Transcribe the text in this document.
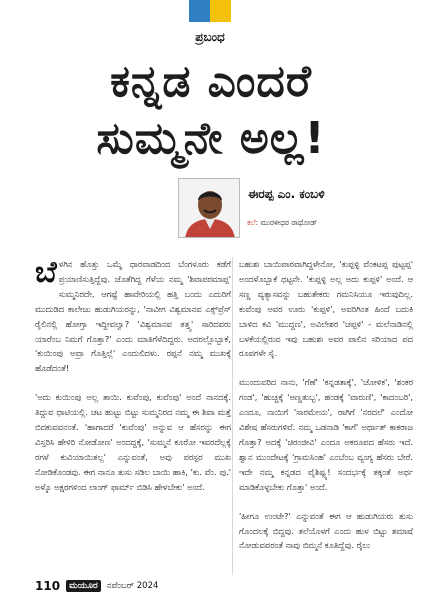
ಪ್ರಬಂಧ
ಕನ್ನಡ ಎಂದರೆ
ಸುಮ್ಮನೇ ಅಲ್ಲ!
ಈರಪ್ಪ ಎಂ. ಕಂಬಳಿ
ಕಲೆ: ಮುರಳೀಧರ ರಾಥೋಡ್

ಬೆಳಗಿನ ಹೊತ್ತು ಒಮ್ಮೆ ಧಾರವಾಡದಿಂದ ಬೆಂಗಳೂರು ಕಡೆಗೆ ಪ್ರಯಾಣಿಸುತ್ತಿದ್ದೆವು. ಜೊತೆಗಿದ್ದ ಗೆಳೆಯ ನಮ್ಮ 'ಶಿವಾಪರಮಾಪ್ಪ' ಸುಮ್ಮನಿರದೇ, ಆಗಷ್ಟೆ ಹಾವೇರಿಯಲ್ಲಿ ಹತ್ತಿ ಬಂದು ಎದುರಿಗೆ ಮುದುಡಿದ ಕಾಲೇಜು ಹುಡುಗಿಯರನ್ನು, 'ನಾವೀಗ ವಿಶ್ವಮಾನವ ಎಕ್ಸ್‌ಪ್ರೆಸ್ ರೈಲಿನಲ್ಲಿ ಹೋಗ್ತಾ ಇದ್ದೀವಲ್ವಾ? 'ವಿಶ್ವಮಾನವ ತತ್ತ್ವ' ಸಾರಿದವರು ಯಾರೆಂಬ ನಿಮಗೆ ಗೊತ್ತಾ?' ಎಂದು ಮಾತಿಗೆಳೆದಿದ್ದರು. ಅದರಲ್ಲೊಬ್ಬಾಕೆ, 'ಕುಯಿಂಪು ಅವ್ರಾ ಗೊತ್ತಿಲ್ಲೆ' ಎಂದುಲಿದಳು. ರಪ್ಪನೆ ನಮ್ಮ ಮುಖಕ್ಕೆ ಹೊಡೆದಂತೆ!

'ಅದು ಕುಯಿಂಪು ಅಲ್ಲ ತಾಯಿ. ಕುವೆಂಪು, ಕುವೆಂಪು' ಅಂದೆ ನಾನದಕ್ಕೆ. ತಿದ್ದುವ ಧಾಟಿಯಲ್ಲಿ. ಚಟ ಹುಟ್ಟು ಬಿಟ್ಟು ಸುಮ್ಮನಿರದ ನಮ್ಮ ಈ ಶಿವಾ ಮತ್ತೆ ಬಿದಕುವವನಂತೆ. 'ಹಾಗಾದರೆ 'ಕುವೆಂಪು' ಅನ್ನುವ ಆ ಹೆಸರನ್ನು ಈಗ ವಿಸ್ತರಿಸಿ ಹೇಳಿರಿ ನೋಡೋಣ' ಅಂದದ್ದಕ್ಕೆ, 'ಸುಮ್ಮನೆ ಕೂರೋ ಇವರದೆಲ್ಲಕ್ಕೆ ರಗಳೆ ಕುವಿಯಾಯಿತಲ್ಲ' ಎನ್ನುವಂತೆ, ಅವು ಪರಸ್ಪರ ಮುಖ ನೋಡಿಕೊಂಡವು. ಈಗ ನಾನೂ ತುಸು ಸಡಿಲ ಬಾಯಿ ಹಾಕಿ, 'ಕು. ವೆಂ. ಪು.' ಅಳ್ಕೊ ಅಕ್ಷರಗಳಿಂದ ಲಾಂಗ್ ಫಾರ್ಮ್ ಬಿಡಿಸಿ ಹೇಳಬೇಕು' ಅಂದೆ.

ಬಹುಶಃ ಬಾಯಿಪಾಠವಾಗಿದ್ದಳೇನೋ, 'ಕುಪ್ಪಳ್ಳಿ ವೆಂಕಟಪ್ಪ ಪುಟ್ಟಪ್ಪ' ಅಂದಳೊಬ್ಬಾಕೆ ಥಟ್ಟನೇ. 'ಕುಪ್ಪಳ್ಳಿ ಅಲ್ಲ ಅದು ಕುಪ್ಪಳಿ' ಅಂದೆ. ಆ ಸಣ್ಣ ವ್ಯತ್ಯಾಸವನ್ನು ಬಹುತೇಕರು ಗಮನಿಸಿಯೂ ಇರುವುದಿಲ್ಲ. ಕುವೆಂಪು ಅವರ ಊರು 'ಕುಪ್ಪಳಿ', ಅವರಿಗಿಂತ ಹಿಂದೆ ಬದುಕಿ ಬಾಳಿದ ಕವಿ 'ಮುದ್ದಣ', ಅವಿಲೇಶರ 'ಚಪ್ಪಳಿ' - ಮಲೆನಾಡಿನಲ್ಲಿ ಬಳಕೆಯಲ್ಲಿರುವ ಇವು ಬಹುಶಃ ಅವರ ಪಾಲಿನ ಸರಿಯಾದ ಪದ ರೂಪಗಳೇ ಸೈ.

ಮುಂದುವರಿದ ನಾನು, 'ಗೆಣೆ' 'ಕನ್ನಡತಾಕ್ಕೆ', 'ಜೋಳಿಕ', 'ಶಂಕರ ಗಂಡ', 'ಹುಚ್ಚಕ್ಕೆ 'ಅಣ್ಣತುಬ್ಬ', ಹಂಡಕ್ಕೆ 'ವಾರುಣಿ', 'ಕಾದಂಬರಿ', ಎಂದೂ, ನಾಯಿಗೆ 'ಸಾರಮೇಯ', ರಾಗಿಗೆ 'ನರದಲೆ' ಎಂದೋ ವಿಶೇಷ ಹೆಸರುಗಳಿವೆ. ನಮ್ಮ ಒಡನಾಡಿ 'ಕಾಗೆ' ಅರ್ಥಾತ್ ಕಾಕರಾಜ ಗೊತ್ತಾ? ಅದಕ್ಕೆ 'ಚಿರಂಜೀವಿ' ಎಂದೂ ಅಕರೂಪದ ಹೆಸರು ಇದೆ. ಶ್ವಾನ ಮುಂದೇಟಕ್ಕೆ 'ಗ್ರಾಮಸಿಂಹ' ಎಂಬೆಂಬ ವ್ಯಂಗ್ಯ ಹೆಸರು ಬೇರೆ. ಇದೇ ನಮ್ಮ ಕನ್ನಡದ ವೈಶಿಷ್ಟ್ಯ! ಸಂದರ್ಭಕ್ಕೆ ತಕ್ಕಂತೆ ಅರ್ಥ ಮಾಡಿಕೊಳ್ಳಬೇಕು ಗೊತ್ತಾ' ಅಂದೆ.

'ಹೀಗೂ ಉಂಟೇ?' ಎನ್ನುವಂತೆ ಈಗ ಆ ಹುಡುಗಿಯರು ತುಸು ಗೊಂದಲಕ್ಕೆ ಬಿದ್ದವು. ತಲೆಯೊಳಗೆ ಎಂದು ಹುಳ ಬಿಟ್ಟು ತಮಾಷೆ ನೋಡುವವರಂತೆ ನಾವು ಬಿಮ್ಮನೆ ಕೂತಿದ್ದೆವು. ರೈಲು

110	ಮಯೂರ	ನವೆಂಬರ್ 2024
